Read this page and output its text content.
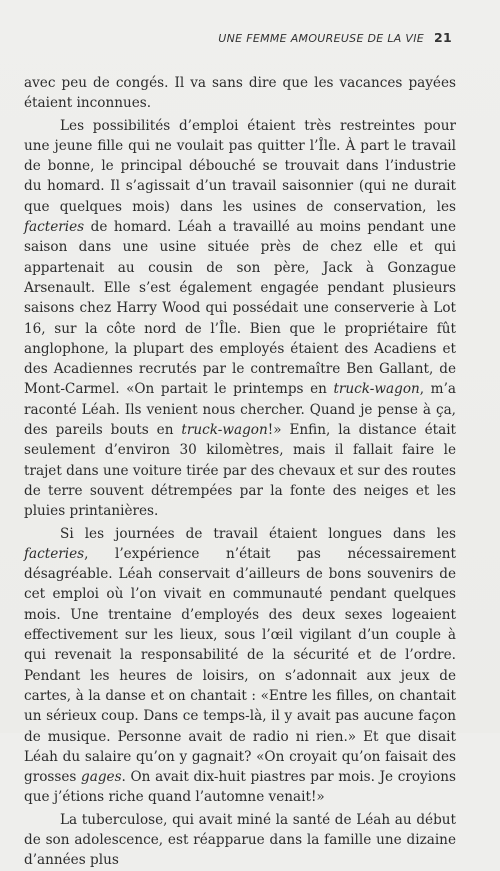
UNE FEMME AMOUREUSE DE LA VIE 21

avec peu de congés. Il va sans dire que les vacances payées étaient inconnues.

Les possibilités d’emploi étaient très restreintes pour une jeune fille qui ne voulait pas quitter l’Île. À part le travail de bonne, le principal débouché se trouvait dans l’industrie du homard. Il s’agissait d’un travail saisonnier (qui ne durait que quelques mois) dans les usines de conservation, les facteries de homard. Léah a travaillé au moins pendant une saison dans une usine située près de chez elle et qui appartenait au cousin de son père, Jack à Gonzague Arsenault. Elle s’est également engagée pendant plusieurs saisons chez Harry Wood qui possédait une conserverie à Lot 16, sur la côte nord de l’Île. Bien que le propriétaire fût anglophone, la plupart des employés étaient des Acadiens et des Acadiennes recrutés par le contremaître Ben Gallant, de Mont-Carmel. «On partait le printemps en truck-wagon, m’a raconté Léah. Ils venient nous chercher. Quand je pense à ça, des pareils bouts en truck-wagon!» Enfin, la distance était seulement d’environ 30 kilomètres, mais il fallait faire le trajet dans une voiture tirée par des chevaux et sur des routes de terre souvent détrempées par la fonte des neiges et les pluies printanières.

Si les journées de travail étaient longues dans les facteries, l’expérience n’était pas nécessairement désagréable. Léah conservait d’ailleurs de bons souvenirs de cet emploi où l’on vivait en communauté pendant quelques mois. Une trentaine d’employés des deux sexes logeaient effectivement sur les lieux, sous l’œil vigilant d’un couple à qui revenait la responsabilité de la sécurité et de l’ordre. Pendant les heures de loisirs, on s’adonnait aux jeux de cartes, à la danse et on chantait : «Entre les filles, on chantait un sérieux coup. Dans ce temps-là, il y avait pas aucune façon de musique. Personne avait de radio ni rien.» Et que disait Léah du salaire qu’on y gagnait? «On croyait qu’on faisait des grosses gages. On avait dix-huit piastres par mois. Je croyions que j’étions riche quand l’automne venait!»

La tuberculose, qui avait miné la santé de Léah au début de son adolescence, est réapparue dans la famille une dizaine d’années plus
